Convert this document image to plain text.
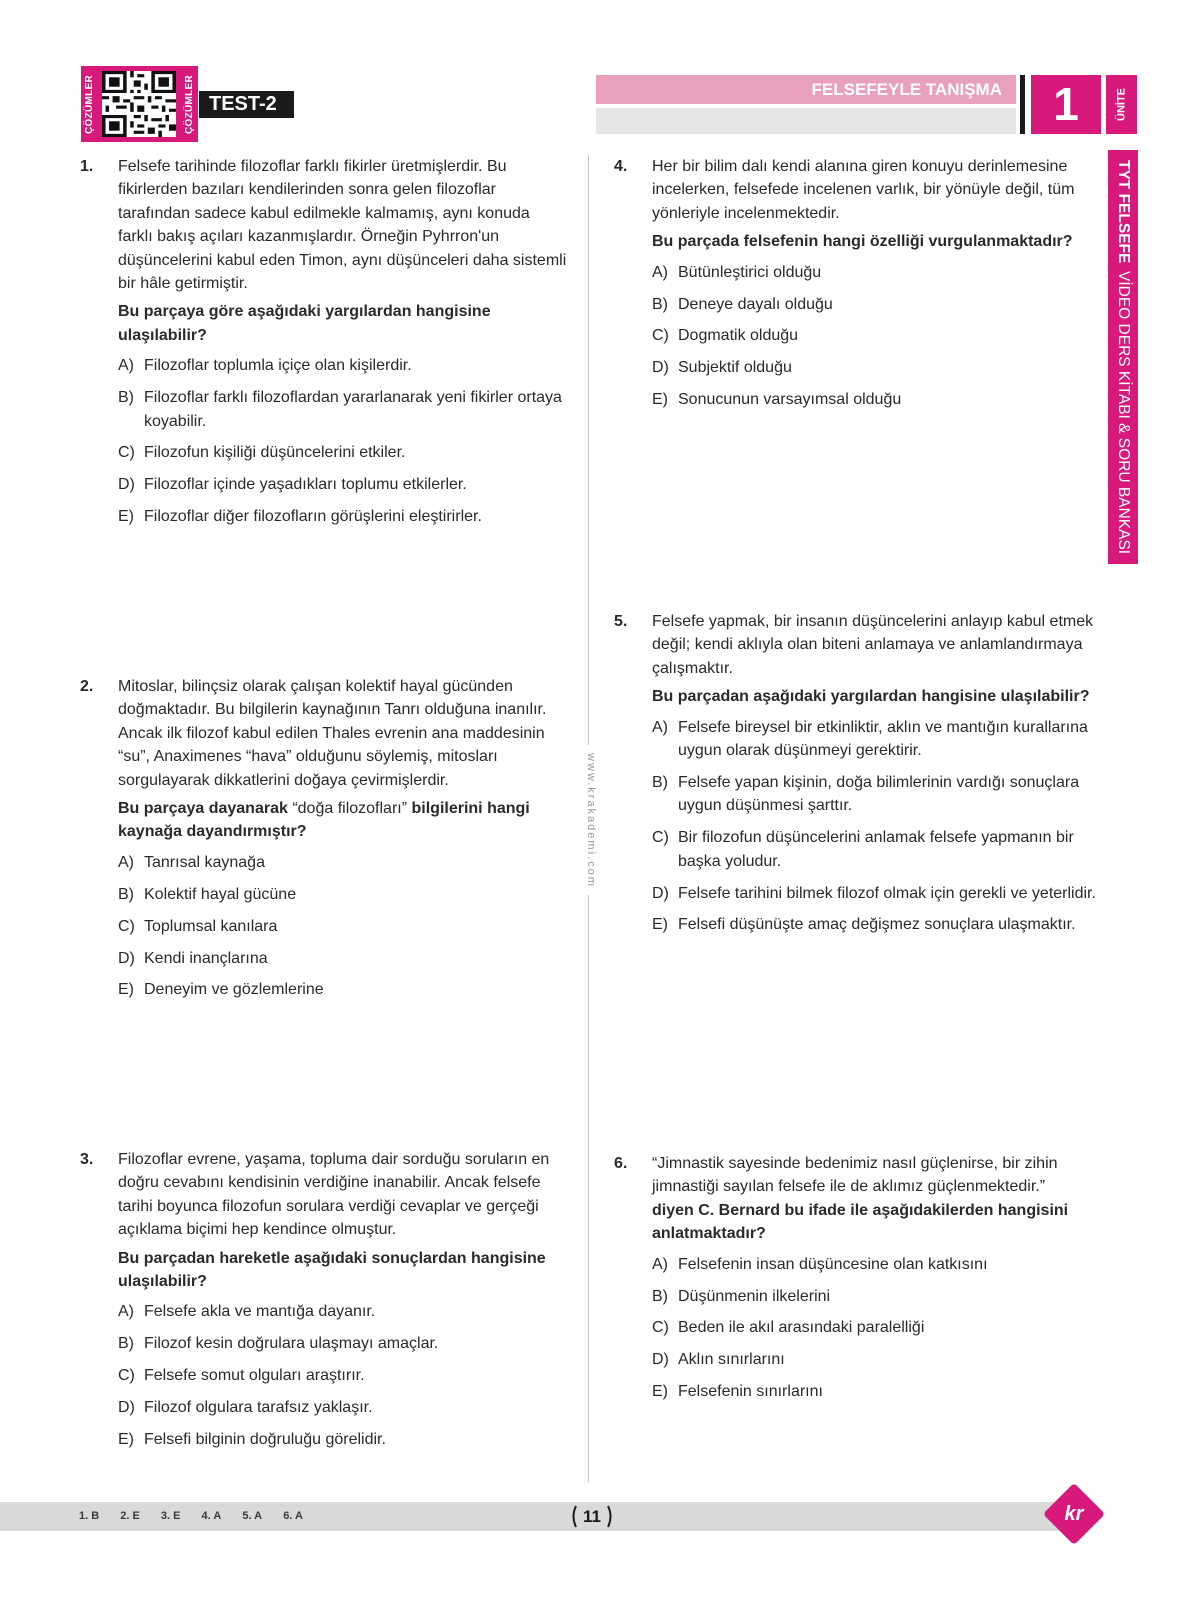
ÇÖZÜMLER	ÇÖZÜMLER TEST-2
FELSEFEYLE TANIŞMA	1	ÜNİTE
TYT FELSEFE

VİDEO DERS KİTABI & SORU BANKASI
www.krakademi.com
1. Felsefe tarihinde filozoflar farklı fikirler üretmişlerdir. Bu fikirlerden bazıları kendilerinden sonra gelen filozoflar tarafından sadece kabul edilmekle kalmamış, aynı konuda farklı bakış açıları kazanmışlardır. Örneğin Pyhrron'un düşüncelerini kabul eden Timon, aynı düşünceleri daha sistemli bir hâle getirmiştir.

Bu parçaya göre aşağıdaki yargılardan hangisine ulaşılabilir?

A) Filozoflar toplumla içiçe olan kişilerdir.
B) Filozoflar farklı filozoflardan yararlanarak yeni fikirler ortaya koyabilir.
C) Filozofun kişiliği düşüncelerini etkiler.
D) Filozoflar içinde yaşadıkları toplumu etkilerler.
E) Filozoflar diğer filozofların görüşlerini eleştirirler.
2. Mitoslar, bilinçsiz olarak çalışan kolektif hayal gücünden doğmaktadır. Bu bilgilerin kaynağının Tanrı olduğuna inanılır. Ancak ilk filozof kabul edilen Thales evrenin ana maddesinin “su”, Anaximenes “hava” olduğunu söylemiş, mitosları sorgulayarak dikkatlerini doğaya çevirmişlerdir.

Bu parçaya dayanarak “doğa filozofları” bilgilerini hangi kaynağa dayandırmıştır?

A) Tanrısal kaynağa
B) Kolektif hayal gücüne
C) Toplumsal kanılara
D) Kendi inançlarına
E) Deneyim ve gözlemlerine
3. Filozoflar evrene, yaşama, topluma dair sorduğu soruların en doğru cevabını kendisinin verdiğine inanabilir. Ancak felsefe tarihi boyunca filozofun sorulara verdiği cevaplar ve gerçeği açıklama biçimi hep kendince olmuştur.

Bu parçadan hareketle aşağıdaki sonuçlardan hangisine ulaşılabilir?

A) Felsefe akla ve mantığa dayanır.
B) Filozof kesin doğrulara ulaşmayı amaçlar.
C) Felsefe somut olguları araştırır.
D) Filozof olgulara tarafsız yaklaşır.
E) Felsefi bilginin doğruluğu görelidir.
4. Her bir bilim dalı kendi alanına giren konuyu derinlemesine incelerken, felsefede incelenen varlık, bir yönüyle değil, tüm yönleriyle incelenmektedir.

Bu parçada felsefenin hangi özelliği vurgulanmaktadır?

A) Bütünleştirici olduğu
B) Deneye dayalı olduğu
C) Dogmatik olduğu
D) Subjektif olduğu
E) Sonucunun varsayımsal olduğu
5. Felsefe yapmak, bir insanın düşüncelerini anlayıp kabul etmek değil; kendi aklıyla olan biteni anlamaya ve anlamlandırmaya çalışmaktır.

Bu parçadan aşağıdaki yargılardan hangisine ulaşılabilir?

A) Felsefe bireysel bir etkinliktir, aklın ve mantığın kurallarına uygun olarak düşünmeyi gerektirir.
B) Felsefe yapan kişinin, doğa bilimlerinin vardığı sonuçlara uygun düşünmesi şarttır.
C) Bir filozofun düşüncelerini anlamak felsefe yapmanın bir başka yoludur.
D) Felsefe tarihini bilmek filozof olmak için gerekli ve yeterlidir.
E) Felsefi düşünüşte amaç değişmez sonuçlara ulaşmaktır.
6. “Jimnastik sayesinde bedenimiz nasıl güçlenirse, bir zihin jimnastiği sayılan felsefe ile de aklımız güçlenmektedir.”

diyen C. Bernard bu ifade ile aşağıdakilerden hangisini anlatmaktadır?

A) Felsefenin insan düşüncesine olan katkısını
B) Düşünmenin ilkelerini
C) Beden ile akıl arasındaki paralelliği
D) Aklın sınırlarını
E) Felsefenin sınırlarını
1. B 2. E 3. E 4. A 5. A 6. A	11	kr
